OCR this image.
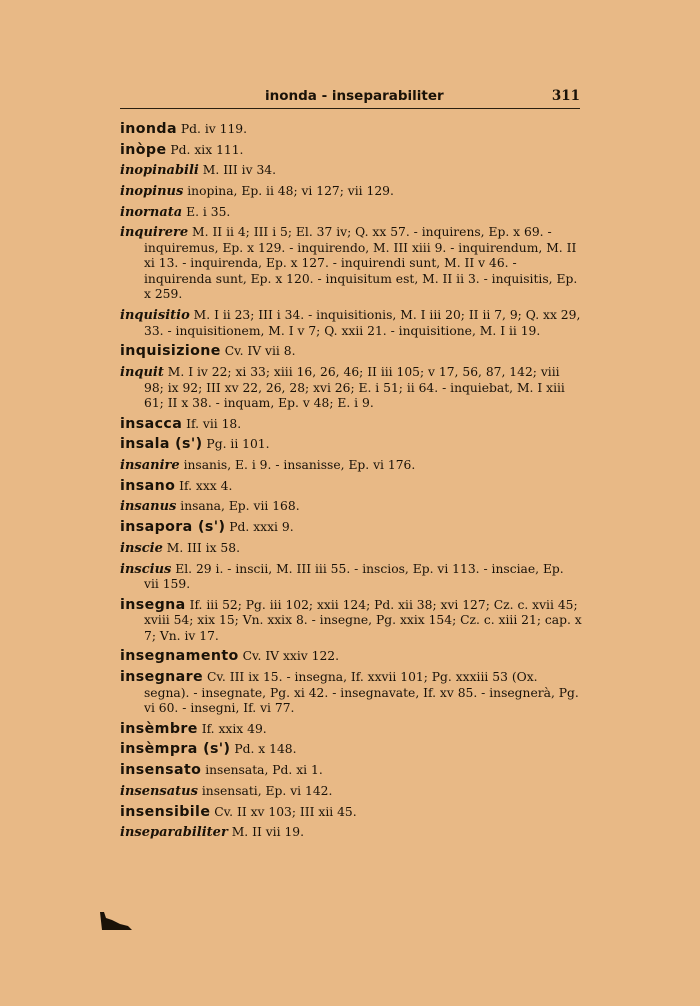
inonda - inseparabiliter	311
inonda Pd. iv 119.
inòpe Pd. xix 111.
inopinabili M. III iv 34.
inopinus inopina, Ep. ii 48; vi 127; vii 129.
inornata E. i 35.
inquirere M. II ii 4; III i 5; El. 37 iv; Q. xx 57. - inquirens, Ep. x 69. - inquiremus, Ep. x 129. - inquirendo, M. III xiii 9. - inquirendum, M. II xi 13. - inquirenda, Ep. x 127. - inquirendi sunt, M. II v 46. - inquirenda sunt, Ep. x 120. - inquisitum est, M. II ii 3. - inquisitis, Ep. x 259.
inquisitio M. I ii 23; III i 34. - inquisitionis, M. I iii 20; II ii 7, 9; Q. xx 29, 33. - inquisitionem, M. I v 7; Q. xxii 21. - inquisitione, M. I ii 19.
inquisizione Cv. IV vii 8.
inquit M. I iv 22; xi 33; xiii 16, 26, 46; II iii 105; v 17, 56, 87, 142; viii 98; ix 92; III xv 22, 26, 28; xvi 26; E. i 51; ii 64. - inquiebat, M. I xiii 61; II x 38. - inquam, Ep. v 48; E. i 9.
insacca If. vii 18.
insala (s') Pg. ii 101.
insanire insanis, E. i 9. - insanisse, Ep. vi 176.
insano If. xxx 4.
insanus insana, Ep. vii 168.
insapora (s') Pd. xxxi 9.
inscie M. III ix 58.
inscius El. 29 i. - inscii, M. III iii 55. - inscios, Ep. vi 113. - insciae, Ep. vii 159.
insegna If. iii 52; Pg. iii 102; xxii 124; Pd. xii 38; xvi 127; Cz. c. xvii 45; xviii 54; xix 15; Vn. xxix 8. - insegne, Pg. xxix 154; Cz. c. xiii 21; cap. x 7; Vn. iv 17.
insegnamento Cv. IV xxiv 122.
insegnare Cv. III ix 15. - insegna, If. xxvii 101; Pg. xxxiii 53 (Ox. segna). - insegnate, Pg. xi 42. - insegnavate, If. xv 85. - insegnerà, Pg. vi 60. - insegni, If. vi 77.
insèmbre If. xxix 49.
insèmpra (s') Pd. x 148.
insensato insensata, Pd. xi 1.
insensatus insensati, Ep. vi 142.
insensibile Cv. II xv 103; III xii 45.
inseparabiliter M. II vii 19.
